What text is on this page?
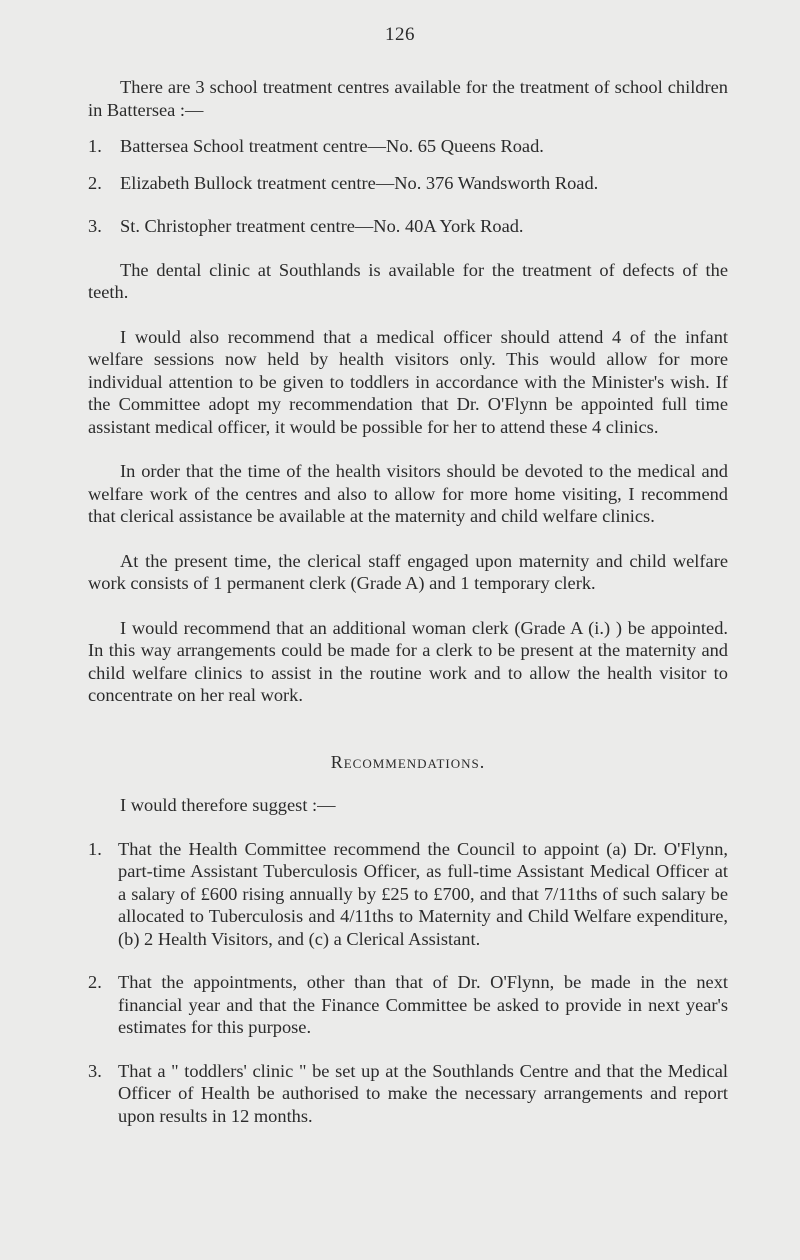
126

There are 3 school treatment centres available for the treatment of school children in Battersea :—

1. Battersea School treatment centre—No. 65 Queens Road.

2. Elizabeth Bullock treatment centre—No. 376 Wandsworth Road.

3. St. Christopher treatment centre—No. 40A York Road.

The dental clinic at Southlands is available for the treatment of defects of the teeth.

I would also recommend that a medical officer should attend 4 of the infant welfare sessions now held by health visitors only. This would allow for more individual attention to be given to toddlers in accordance with the Minister's wish. If the Committee adopt my recommendation that Dr. O'Flynn be appointed full time assistant medical officer, it would be possible for her to attend these 4 clinics.

In order that the time of the health visitors should be devoted to the medical and welfare work of the centres and also to allow for more home visiting, I recommend that clerical assistance be available at the maternity and child welfare clinics.

At the present time, the clerical staff engaged upon maternity and child welfare work consists of 1 permanent clerk (Grade A) and 1 temporary clerk.

I would recommend that an additional woman clerk (Grade A (i.) ) be appointed. In this way arrangements could be made for a clerk to be present at the maternity and child welfare clinics to assist in the routine work and to allow the health visitor to concentrate on her real work.

Recommendations.

I would therefore suggest :—

1. That the Health Committee recommend the Council to appoint (a) Dr. O'Flynn, part-time Assistant Tuberculosis Officer, as full-time Assistant Medical Officer at a salary of £600 rising annually by £25 to £700, and that 7/11ths of such salary be allocated to Tuberculosis and 4/11ths to Maternity and Child Welfare expenditure, (b) 2 Health Visitors, and (c) a Clerical Assistant.

2. That the appointments, other than that of Dr. O'Flynn, be made in the next financial year and that the Finance Committee be asked to provide in next year's estimates for this purpose.

3. That a " toddlers' clinic " be set up at the Southlands Centre and that the Medical Officer of Health be authorised to make the necessary arrangements and report upon results in 12 months.
